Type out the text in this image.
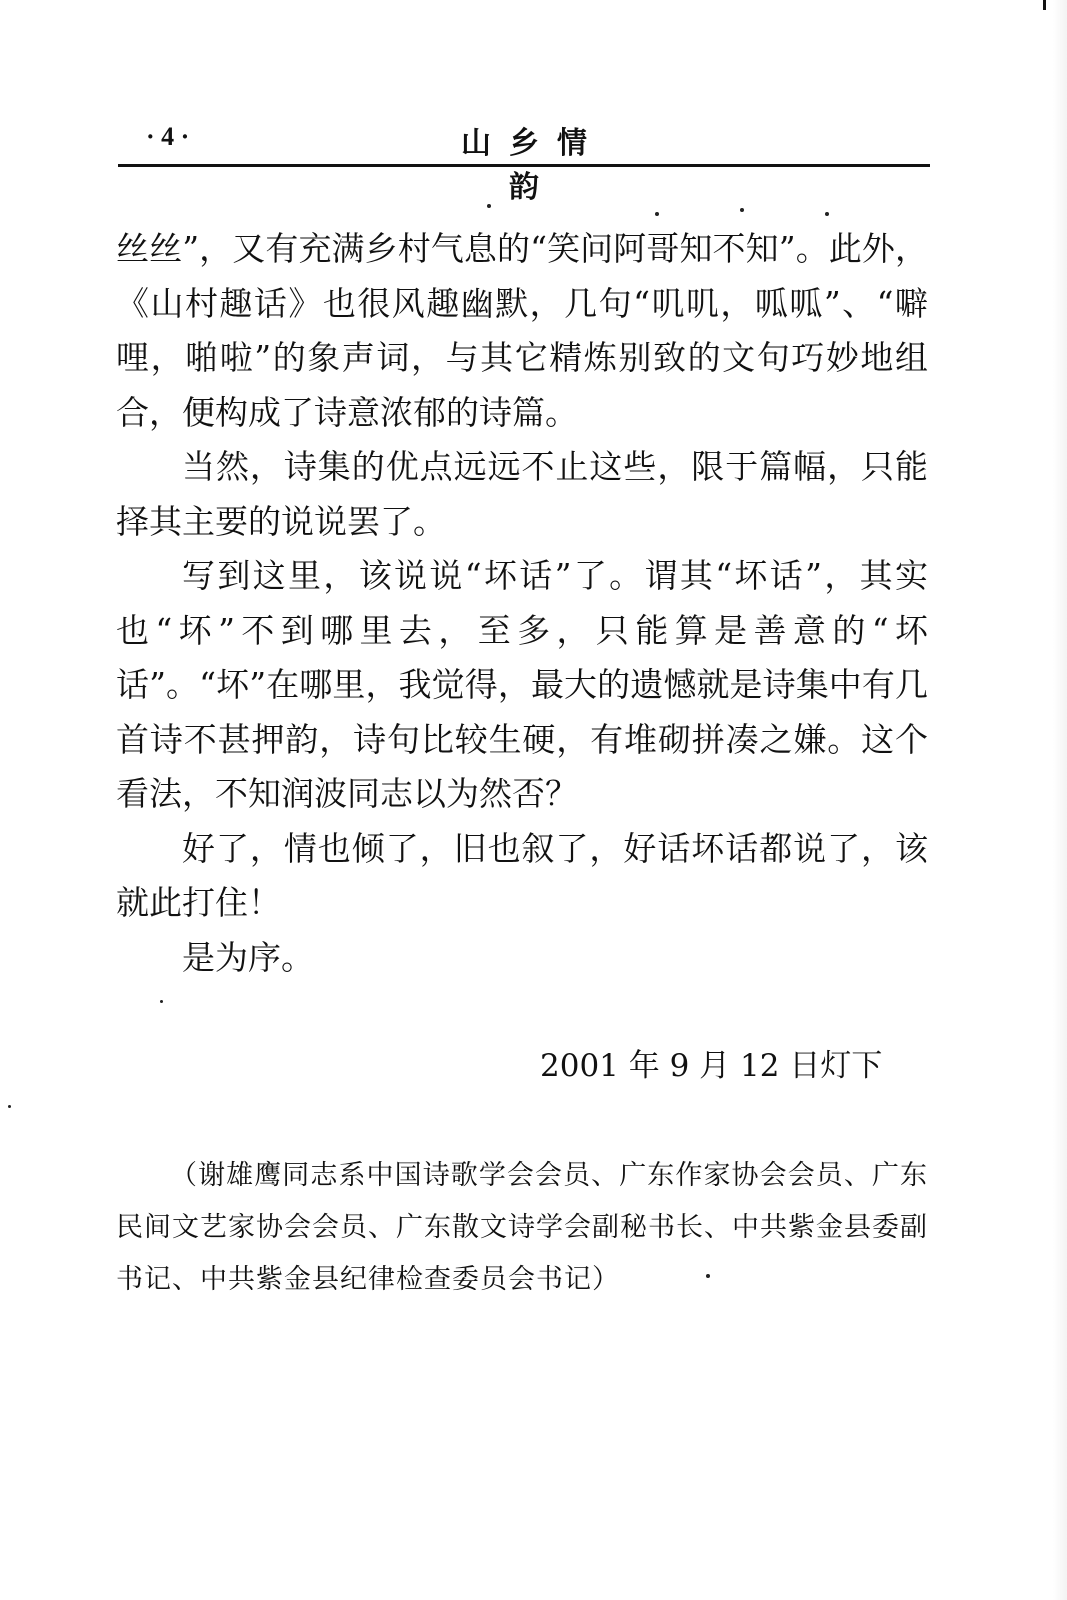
· 4 ·	山乡情韵

丝丝”，又有充满乡村气息的“笑问阿哥知不知”。此外，《山村趣话》也很风趣幽默，几句“叽叽，呱呱”、“噼哩，啪啦”的象声词，与其它精炼别致的文句巧妙地组合，便构成了诗意浓郁的诗篇。

当然，诗集的优点远远不止这些，限于篇幅，只能择其主要的说说罢了。

写到这里，该说说“坏话”了。谓其“坏话”，其实也“坏”不到哪里去，至多，只能算是善意的“坏话”。“坏”在哪里，我觉得，最大的遗憾就是诗集中有几首诗不甚押韵，诗句比较生硬，有堆砌拼凑之嫌。这个看法，不知润波同志以为然否？

好了，情也倾了，旧也叙了，好话坏话都说了，该就此打住！

是为序。

2001 年 9 月 12 日灯下

（谢雄鹰同志系中国诗歌学会会员、广东作家协会会员、广东民间文艺家协会会员、广东散文诗学会副秘书长、中共紫金县委副书记、中共紫金县纪律检查委员会书记）
